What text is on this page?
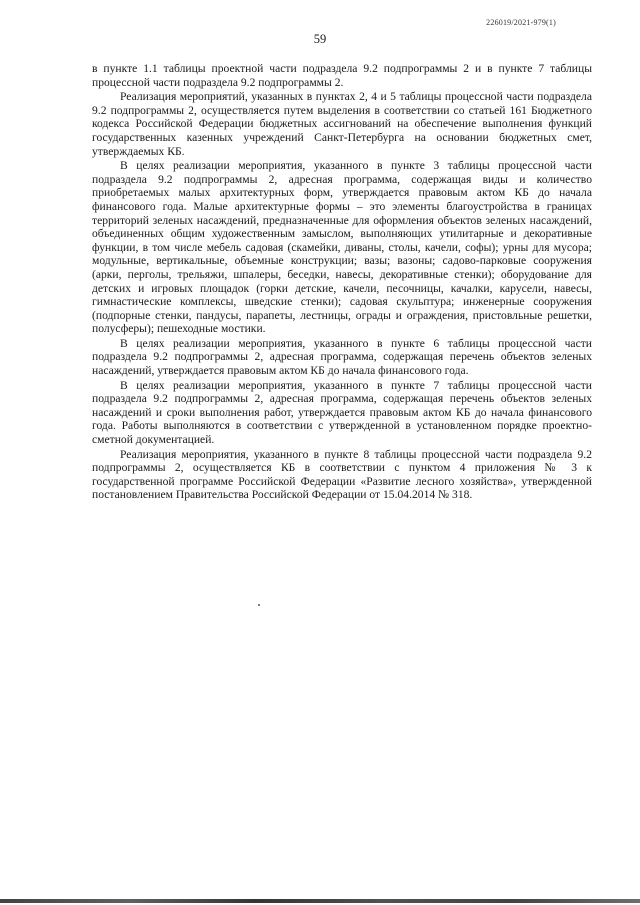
226019/2021-979(1)
59

в пункте 1.1 таблицы проектной части подраздела 9.2 подпрограммы 2 и в пункте 7 таблицы процессной части подраздела 9.2 подпрограммы 2.

Реализация мероприятий, указанных в пунктах 2, 4 и 5 таблицы процессной части подраздела 9.2 подпрограммы 2, осуществляется путем выделения в соответствии со статьей 161 Бюджетного кодекса Российской Федерации бюджетных ассигнований на обеспечение выполнения функций государственных казенных учреждений Санкт-Петербурга на основании бюджетных смет, утверждаемых КБ.

В целях реализации мероприятия, указанного в пункте 3 таблицы процессной части подраздела 9.2 подпрограммы 2, адресная программа, содержащая виды и количество приобретаемых малых архитектурных форм, утверждается правовым актом КБ до начала финансового года. Малые архитектурные формы – это элементы благоустройства в границах территорий зеленых насаждений, предназначенные для оформления объектов зеленых насаждений, объединенных общим художественным замыслом, выполняющих утилитарные и декоративные функции, в том числе мебель садовая (скамейки, диваны, столы, качели, софы); урны для мусора; модульные, вертикальные, объемные конструкции; вазы; вазоны; садово-парковые сооружения (арки, перголы, трельяжи, шпалеры, беседки, навесы, декоративные стенки); оборудование для детских и игровых площадок (горки детские, качели, песочницы, качалки, карусели, навесы, гимнастические комплексы, шведские стенки); садовая скульптура; инженерные сооружения (подпорные стенки, пандусы, парапеты, лестницы, ограды и ограждения, пристовльные решетки, полусферы); пешеходные мостики.

В целях реализации мероприятия, указанного в пункте 6 таблицы процессной части подраздела 9.2 подпрограммы 2, адресная программа, содержащая перечень объектов зеленых насаждений, утверждается правовым актом КБ до начала финансового года.

В целях реализации мероприятия, указанного в пункте 7 таблицы процессной части подраздела 9.2 подпрограммы 2, адресная программа, содержащая перечень объектов зеленых насаждений и сроки выполнения работ, утверждается правовым актом КБ до начала финансового года. Работы выполняются в соответствии с утвержденной в установленном порядке проектно-сметной документацией.

Реализация мероприятия, указанного в пункте 8 таблицы процессной части подраздела 9.2 подпрограммы 2, осуществляется КБ в соответствии с пунктом 4 приложения № 3 к государственной программе Российской Федерации «Развитие лесного хозяйства», утвержденной постановлением Правительства Российской Федерации от 15.04.2014 № 318.
